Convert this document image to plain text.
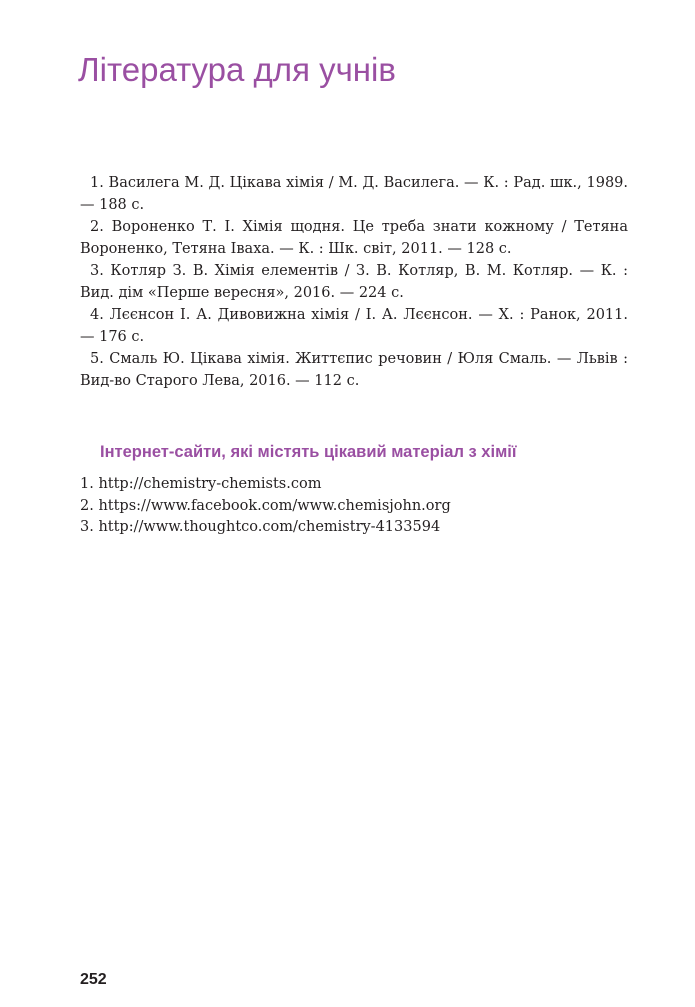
Література для учнів
1. Василега М. Д. Цікава хімія / М. Д. Василега. — К. : Рад. шк., 1989. — 188 с.
2. Вороненко Т. І. Хімія щодня. Це треба знати кожному / Тетяна Вороненко, Тетяна Іваха. — К. : Шк. світ, 2011. — 128 с.
3. Котляр З. В. Хімія елементів / З. В. Котляр, В. М. Котляр. — К. : Вид. дім «Перше вересня», 2016. — 224 с.
4. Лєєнсон І. А. Дивовижна хімія / І. А. Лєєнсон. — Х. : Ранок, 2011. — 176 с.
5. Смаль Ю. Цікава хімія. Життєпис речовин / Юля Смаль. — Львів : Вид-во Старого Лева, 2016. — 112 с.
Інтернет-сайти, які містять цікавий матеріал з хімії
1. http://chemistry-chemists.com
2. https://www.facebook.com/www.chemisjohn.org
3. http://www.thoughtco.com/chemistry-4133594
252
